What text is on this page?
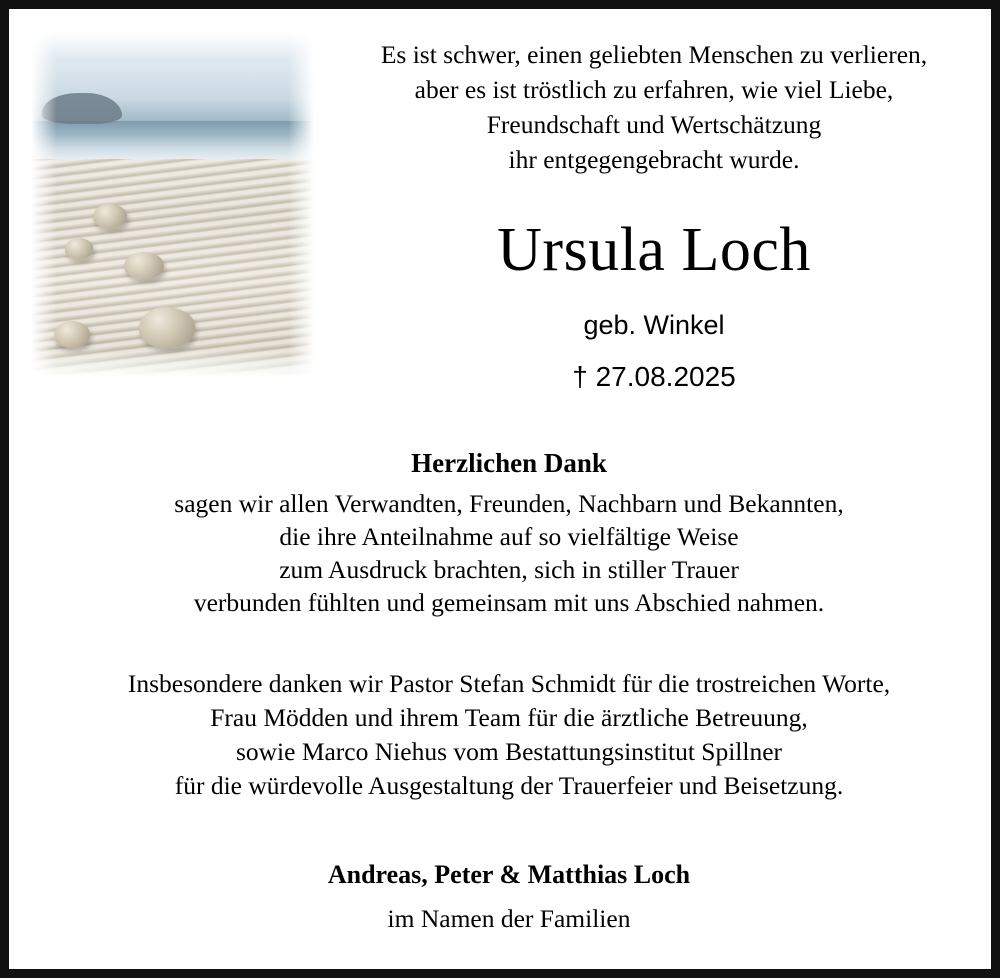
Es ist schwer, einen geliebten Menschen zu verlieren,
aber es ist tröstlich zu erfahren, wie viel Liebe,
Freundschaft und Wertschätzung
ihr entgegengebracht wurde.
Ursula Loch
geb. Winkel
† 27.08.2025
Herzlichen Dank
sagen wir allen Verwandten, Freunden, Nachbarn und Bekannten,
die ihre Anteilnahme auf so vielfältige Weise
zum Ausdruck brachten, sich in stiller Trauer
verbunden fühlten und gemeinsam mit uns Abschied nahmen.
Insbesondere danken wir Pastor Stefan Schmidt für die trostreichen Worte,
Frau Mödden und ihrem Team für die ärztliche Betreuung,
sowie Marco Niehus vom Bestattungsinstitut Spillner
für die würdevolle Ausgestaltung der Trauerfeier und Beisetzung.
Andreas, Peter & Matthias Loch
im Namen der Familien
